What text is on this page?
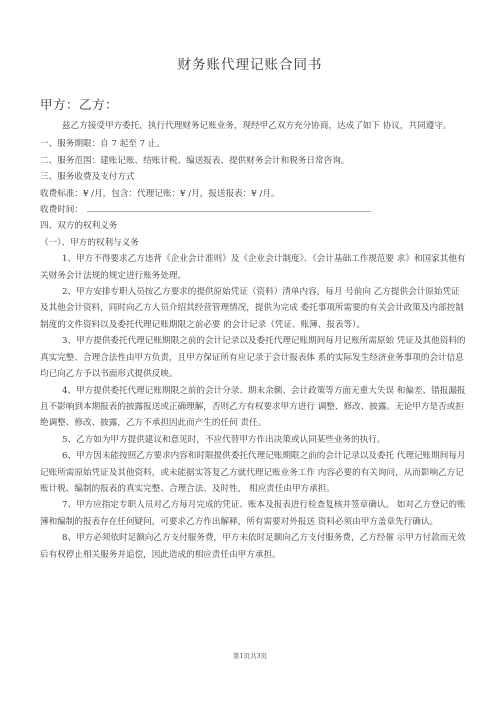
财务账代理记账合同书
甲方：乙方：

兹乙方接受甲方委托，执行代理财务记账业务，现经甲乙双方充分协商，达成了如下 协议，共同遵守。

一、服务期限：自 7 起至 7 止。

二、服务范围：建账记账、结账计税、编送报表、提供财务会计和税务日常咨询。

三、服务收费及支付方式

收费标准：¥ /月，包含：代理记账：¥ /月，报送报表：¥ /月。

收费时间：

四、双方的权利义务

（一）、甲方的权利与义务

1、甲方不得要求乙方违背《企业会计准则》及《企业会计制度》、《会计基础工作规范要 求》和国家其他有关财务会计法规的规定进行账务处理。

2、甲方安排专职人员按乙方要求的提供原始凭证（资料）清单内容，每月 号前向 乙方提供会计原始凭证及其他会计资料，同时向乙方人员介绍其经营管理情况，提供为完成 委托事项所需要的有关会计政策及内部控制制度的文件资料以及委托代理记账期限之前必要 的会计记录（凭证、账簿、报表等）。

3、甲方提供委托代理记账期限之前的会计记录以及委托代理记账期间每月记账所需原始 凭证及其他资料的真实完整、合理合法性由甲方负责，且甲方保证所有应记录于会计报表体 系的实际发生经济业务事项的会计信息均已向乙方予以书面形式提供反映。

4、甲方提供委托代理记账期限之前的会计分录、期末余额、会计政策等方面无重大失误 和偏差、错报漏报且不影响到本期报表的披露报送或正确理解，否则乙方有权要求甲方进行 调整、修改、披露。无论甲方是否或拒绝调整、修改、披露，乙方不承担因此而产生的任何 责任。

5、乙方如为甲方提供建议和意见时，不应代替甲方作出决策或认同某些业务的执行。

6、甲方因未能按照乙方要求内容和时限提供委托代理记账期限之前的会计记录以及委托 代理记账期间每月记账所需原始凭证及其他资料，或未能据实答复乙方就代理记账业务工作 内容必要的有关询问，从而影响乙方记账计税、编制的报表的真实完整、合理合法、及时性， 相应责任由甲方承担。

7、甲方应指定专职人员对乙方每月完成的凭证、账本及报表进行检查复核并签章确认。 如对乙方登记的账簿和编制的报表存在任何疑问，可要求乙方作出解释，所有需要对外报送 资料必须由甲方盖章先行确认。

8、甲方必须依时足额向乙方支付服务费，甲方未依时足额向乙方支付服务费，乙方经催 示甲方付款而无效后有权停止相关服务并追偿，因此造成的相应责任由甲方承担。

第1页共3页
